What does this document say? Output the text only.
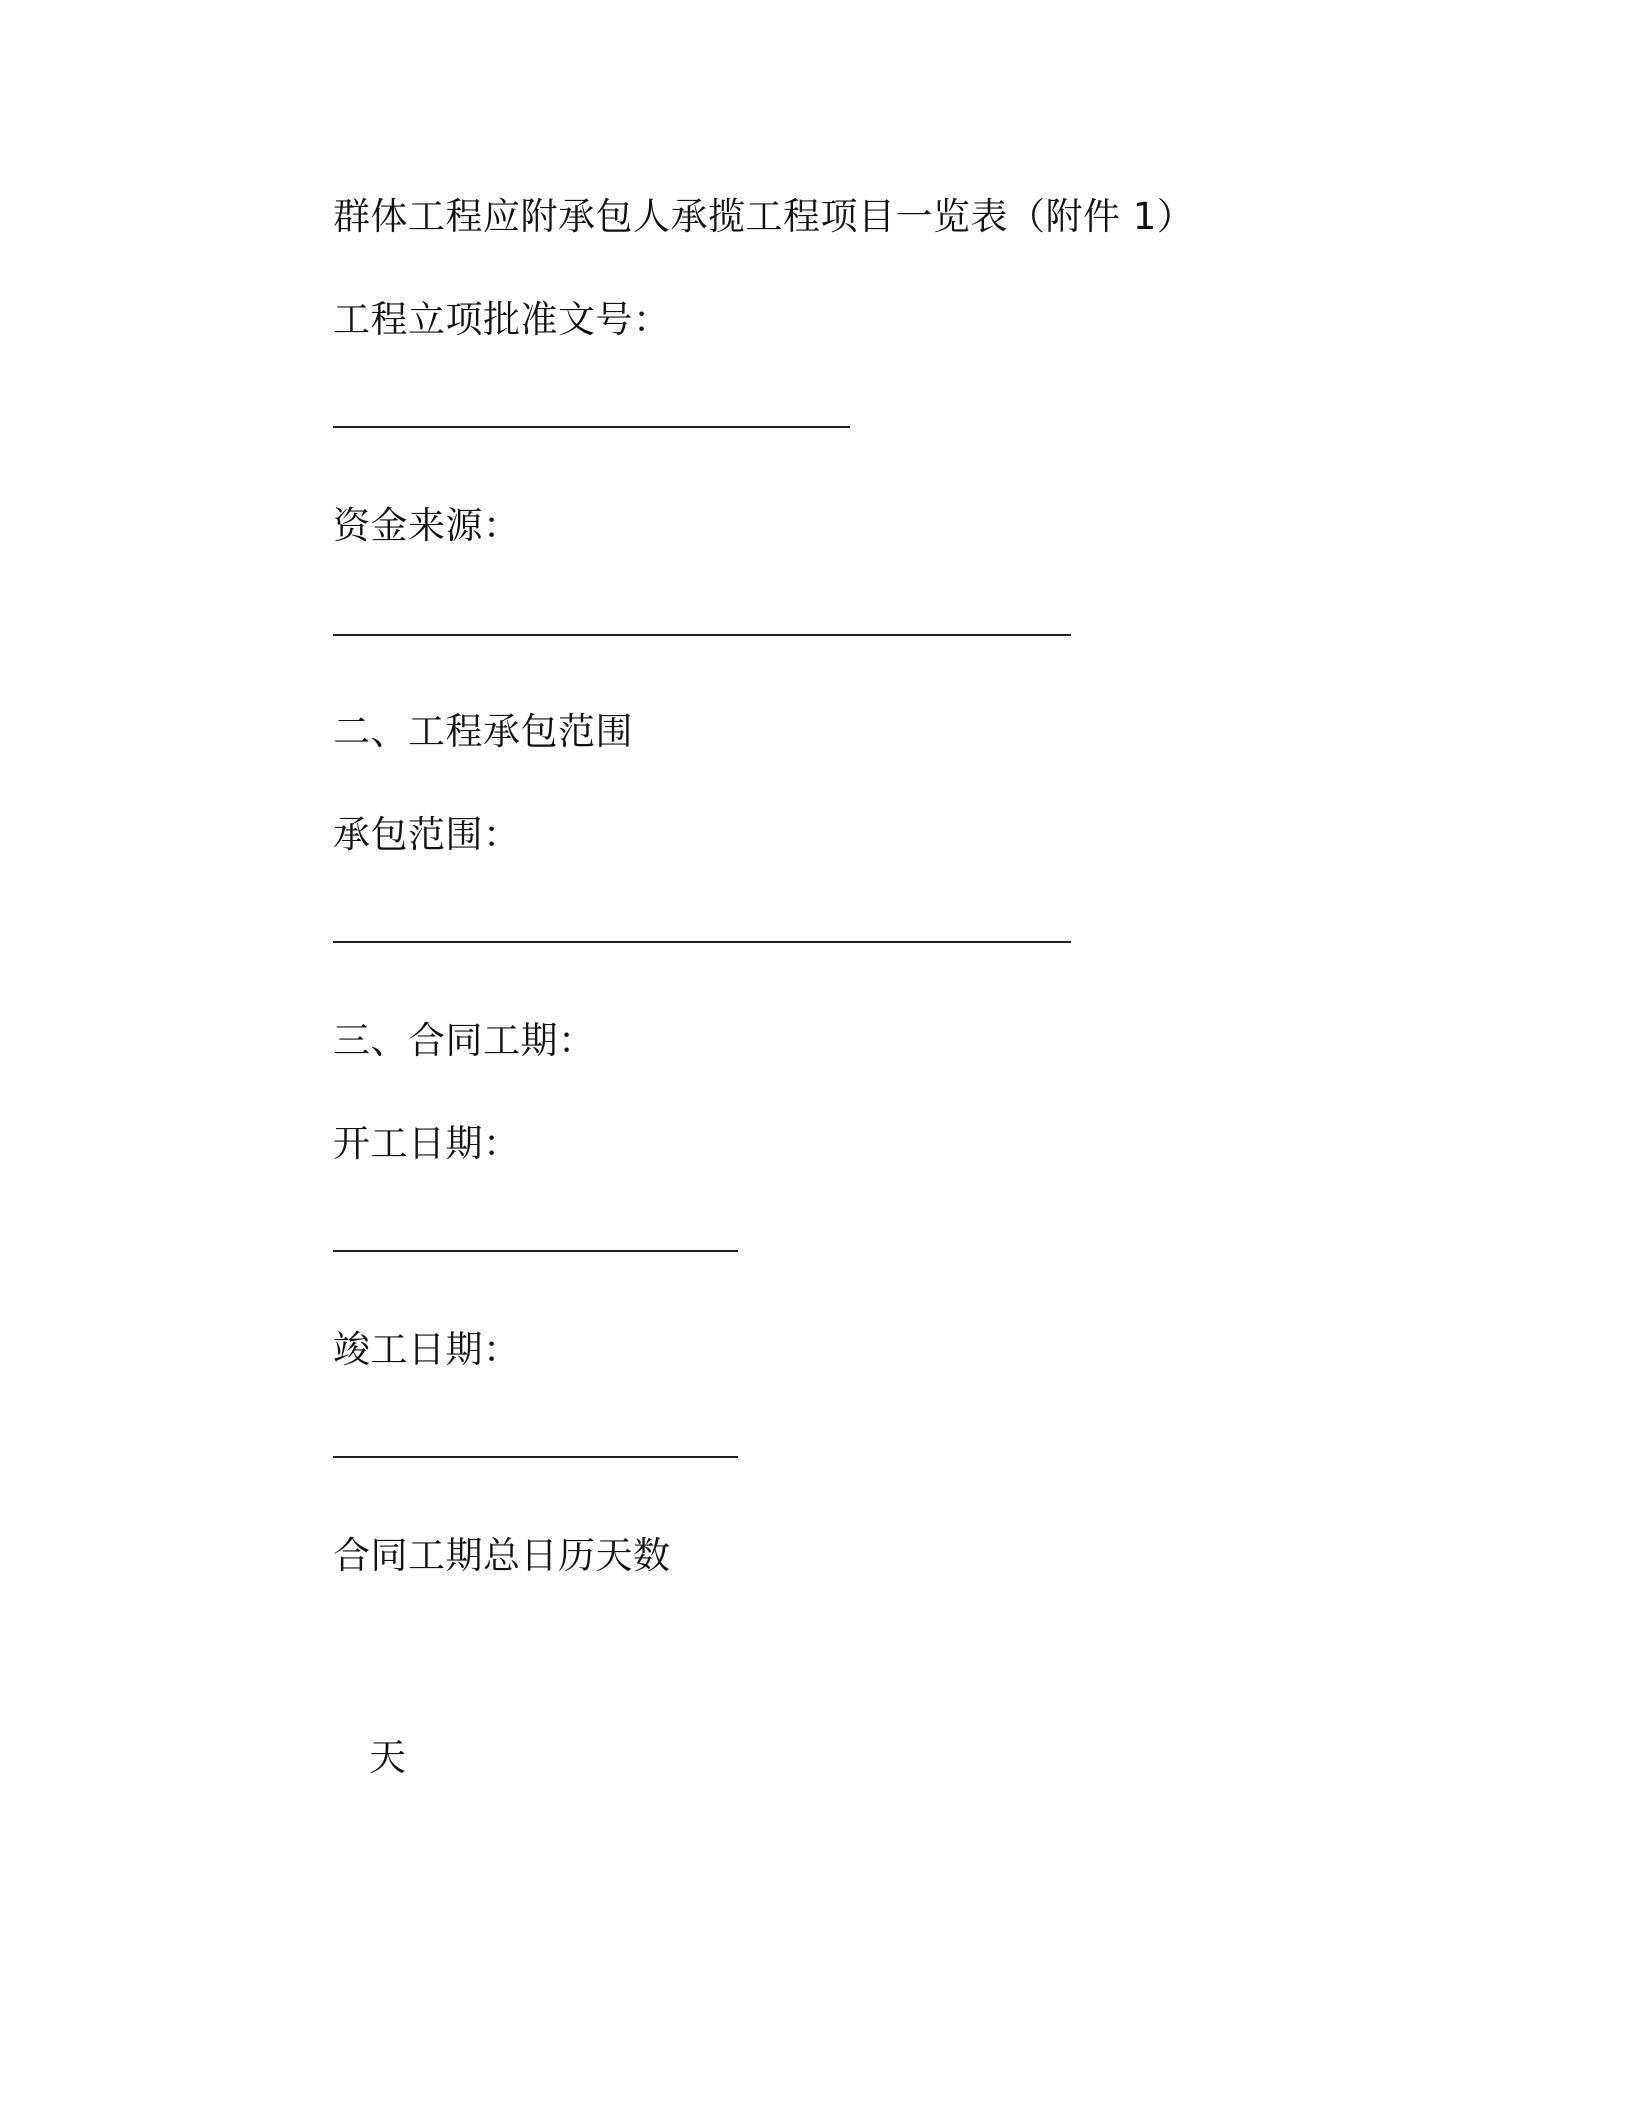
群体工程应附承包人承揽工程项目一览表（附件 1）
工程立项批准文号：
资金来源：
二、工程承包范围
承包范围：
三、合同工期：
开工日期：
竣工日期：
合同工期总日历天数
天
